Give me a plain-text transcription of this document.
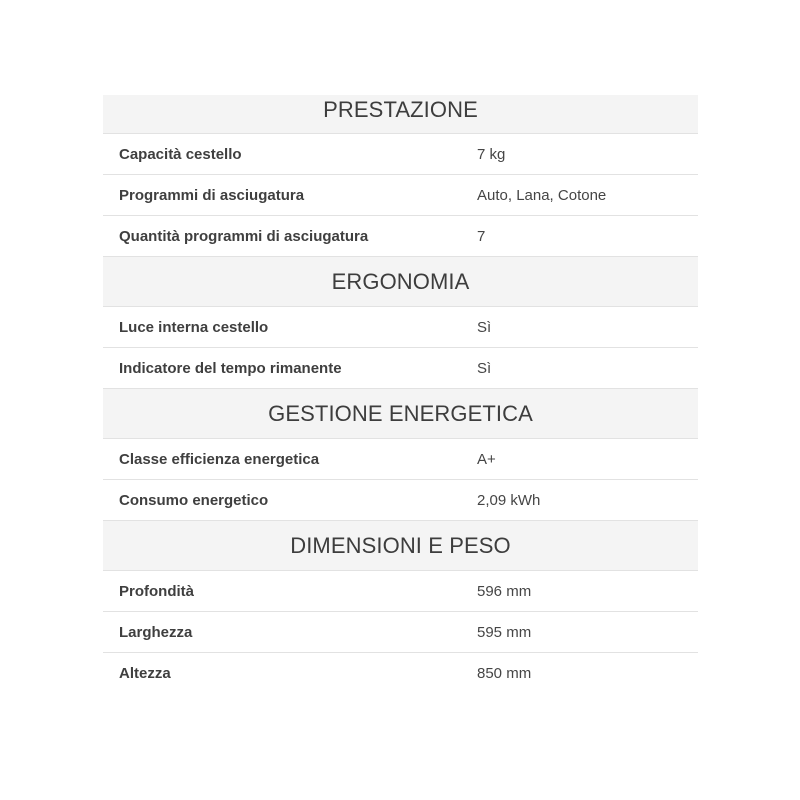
PRESTAZIONE
Capacità cestello	7 kg
Programmi di asciugatura	Auto, Lana, Cotone
Quantità programmi di asciugatura	7
ERGONOMIA
Luce interna cestello	Sì
Indicatore del tempo rimanente	Sì
GESTIONE ENERGETICA
Classe efficienza energetica	A+
Consumo energetico	2,09 kWh
DIMENSIONI E PESO
Profondità	596 mm
Larghezza	595 mm
Altezza	850 mm
